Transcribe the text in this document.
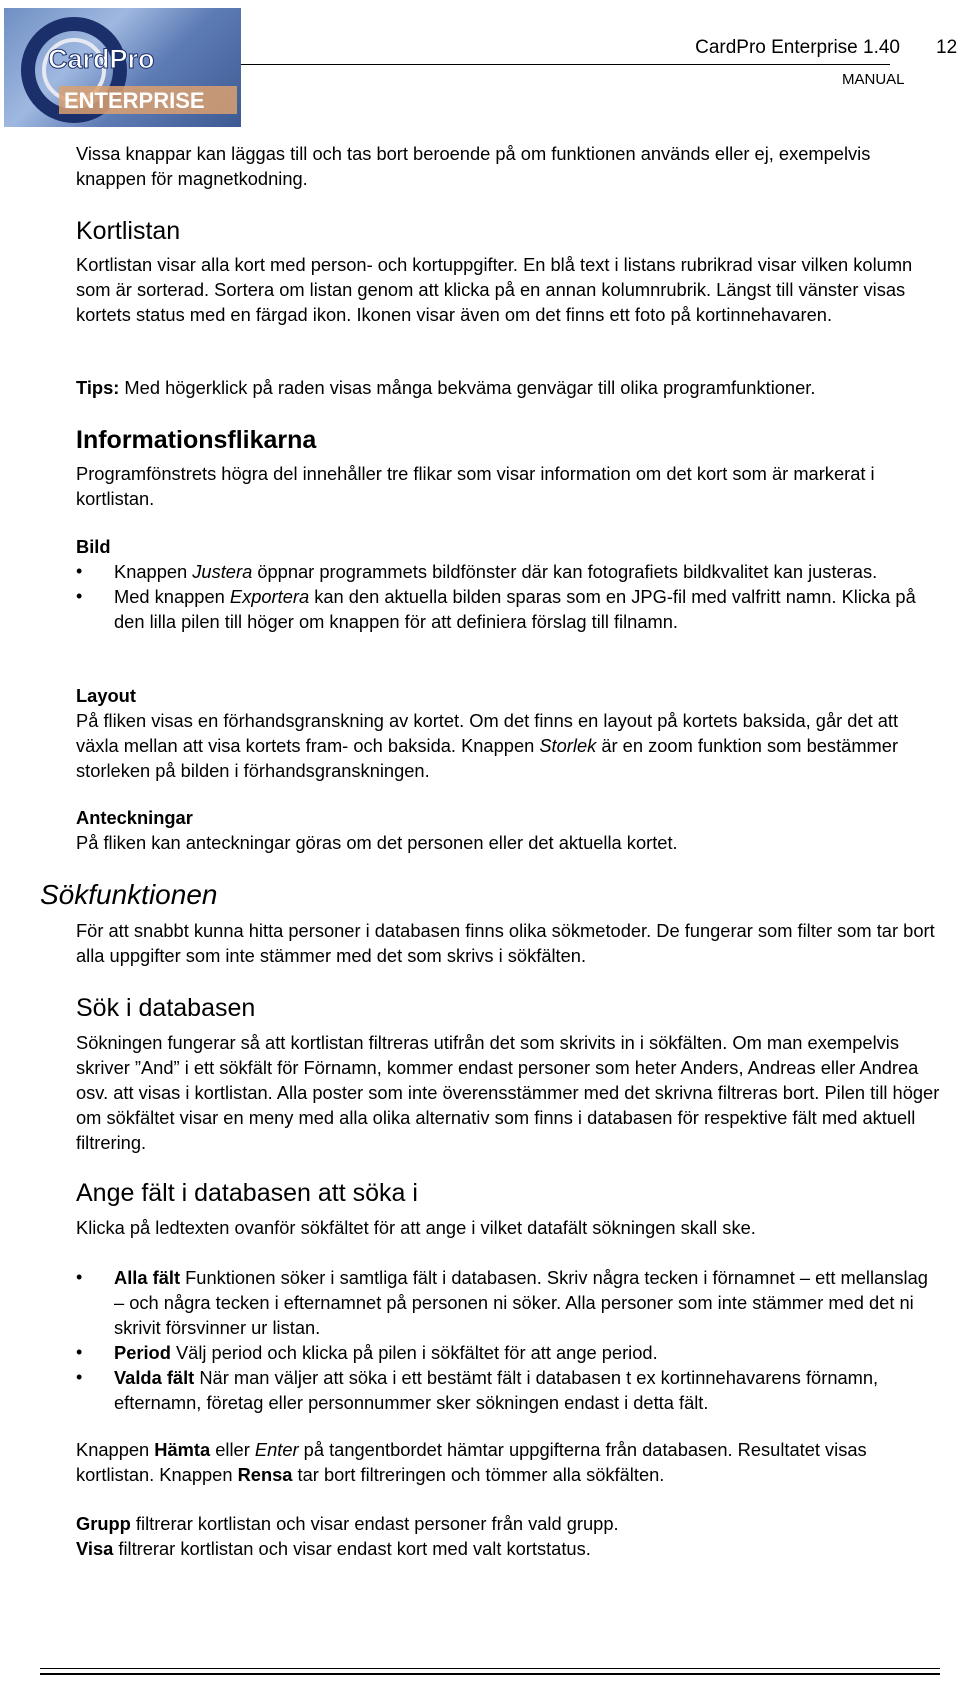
CardPro
ENTERPRISE
CardPro Enterprise 1.40 12
MANUAL

Vissa knappar kan läggas till och tas bort beroende på om funktionen används eller ej, exempelvis knappen för magnetkodning.

Kortlistan

Kortlistan visar alla kort med person- och kortuppgifter. En blå text i listans rubrikrad visar vilken kolumn som är sorterad. Sortera om listan genom att klicka på en annan kolumnrubrik. Längst till vänster visas kortets status med en färgad ikon. Ikonen visar även om det finns ett foto på kortinnehavaren.

Tips: Med högerklick på raden visas många bekväma genvägar till olika programfunktioner.

Informationsflikarna

Programfönstrets högra del innehåller tre flikar som visar information om det kort som är markerat i kortlistan.

Bild

• Knappen Justera öppnar programmets bildfönster där kan fotografiets bildkvalitet kan justeras.
• Med knappen Exportera kan den aktuella bilden sparas som en JPG-fil med valfritt namn. Klicka på den lilla pilen till höger om knappen för att definiera förslag till filnamn.

Layout

På fliken visas en förhandsgranskning av kortet. Om det finns en layout på kortets baksida, går det att växla mellan att visa kortets fram- och baksida. Knappen Storlek är en zoom funktion som bestämmer storleken på bilden i förhandsgranskningen.

Anteckningar

På fliken kan anteckningar göras om det personen eller det aktuella kortet.

Sökfunktionen

För att snabbt kunna hitta personer i databasen finns olika sökmetoder. De fungerar som filter som tar bort alla uppgifter som inte stämmer med det som skrivs i sökfälten.

Sök i databasen

Sökningen fungerar så att kortlistan filtreras utifrån det som skrivits in i sökfälten. Om man exempelvis skriver ”And” i ett sökfält för Förnamn, kommer endast personer som heter Anders, Andreas eller Andrea osv. att visas i kortlistan. Alla poster som inte överensstämmer med det skrivna filtreras bort. Pilen till höger om sökfältet visar en meny med alla olika alternativ som finns i databasen för respektive fält med aktuell filtrering.

Ange fält i databasen att söka i

Klicka på ledtexten ovanför sökfältet för att ange i vilket datafält sökningen skall ske.

• Alla fält Funktionen söker i samtliga fält i databasen. Skriv några tecken i förnamnet – ett mellanslag – och några tecken i efternamnet på personen ni söker. Alla personer som inte stämmer med det ni skrivit försvinner ur listan.
• Period Välj period och klicka på pilen i sökfältet för att ange period.
• Valda fält När man väljer att söka i ett bestämt fält i databasen t ex kortinnehavarens förnamn, efternamn, företag eller personnummer sker sökningen endast i detta fält.

Knappen Hämta eller Enter på tangentbordet hämtar uppgifterna från databasen. Resultatet visas kortlistan. Knappen Rensa tar bort filtreringen och tömmer alla sökfälten.

Grupp filtrerar kortlistan och visar endast personer från vald grupp.

Visa filtrerar kortlistan och visar endast kort med valt kortstatus.
